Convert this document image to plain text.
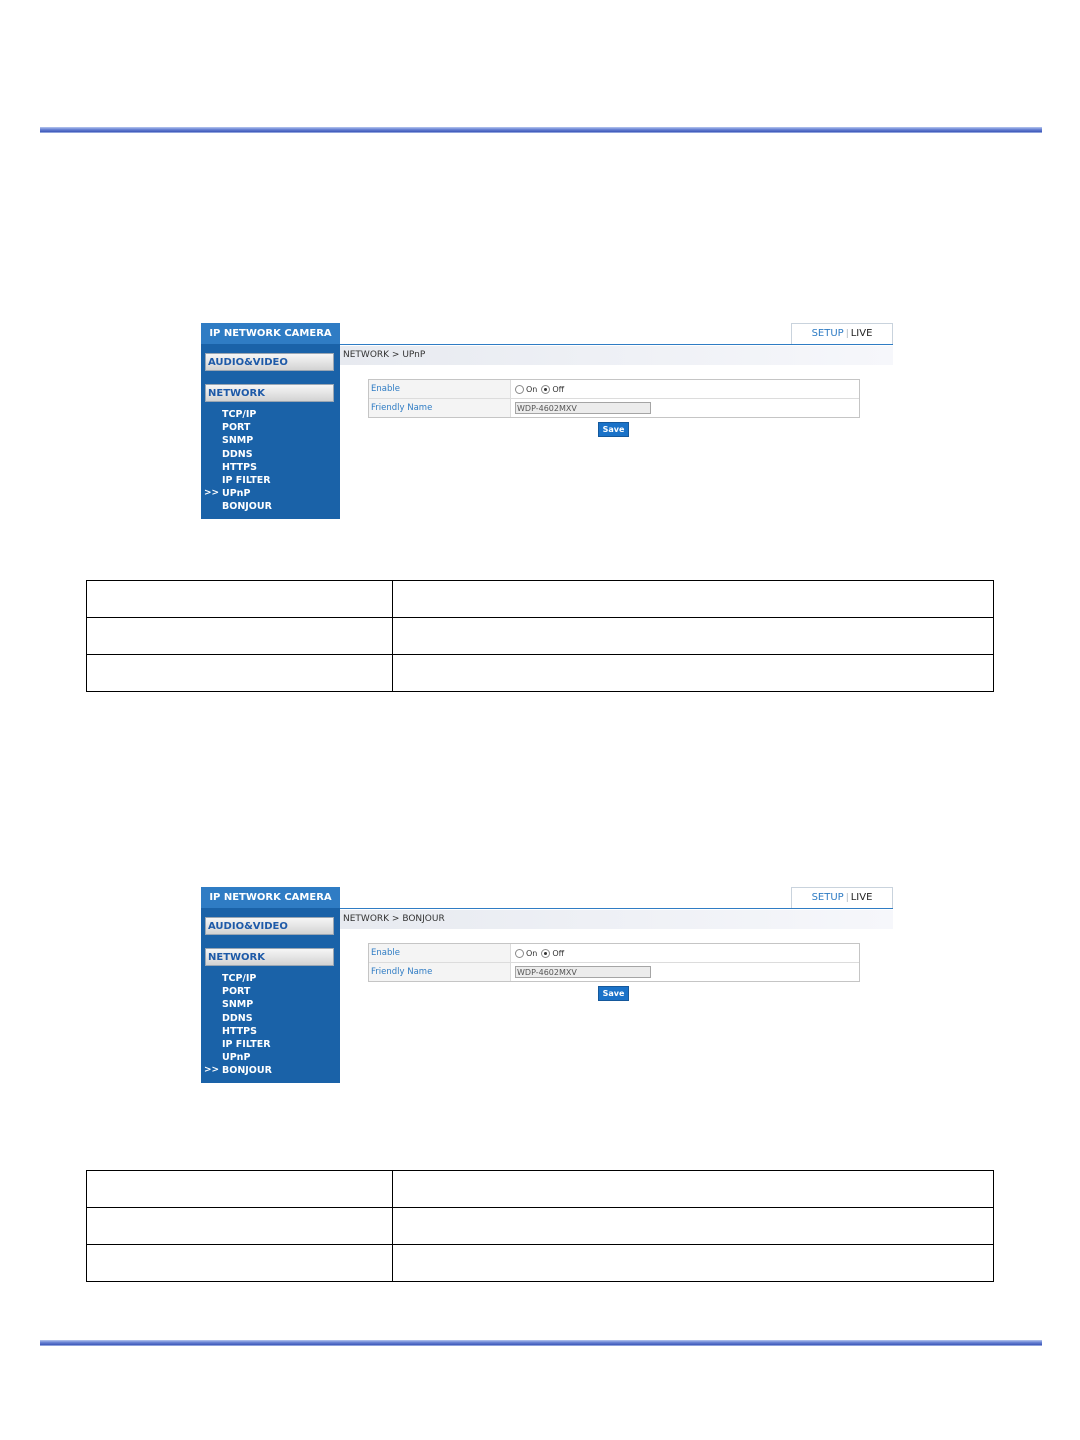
IP NETWORK CAMERA
AUDIO&VIDEO
NETWORK
TCP/IP
PORT
SNMP
DDNS
HTTPS
IP FILTER
>> UPnP
BONJOUR
SETUP | LIVE
NETWORK > UPnP
Enable	On Off
Friendly Name	WDP-4602MXV
Save

IP NETWORK CAMERA
AUDIO&VIDEO
NETWORK
TCP/IP
PORT
SNMP
DDNS
HTTPS
IP FILTER
UPnP
>> BONJOUR
SETUP | LIVE
NETWORK > BONJOUR
Enable	On Off
Friendly Name	WDP-4602MXV
Save
